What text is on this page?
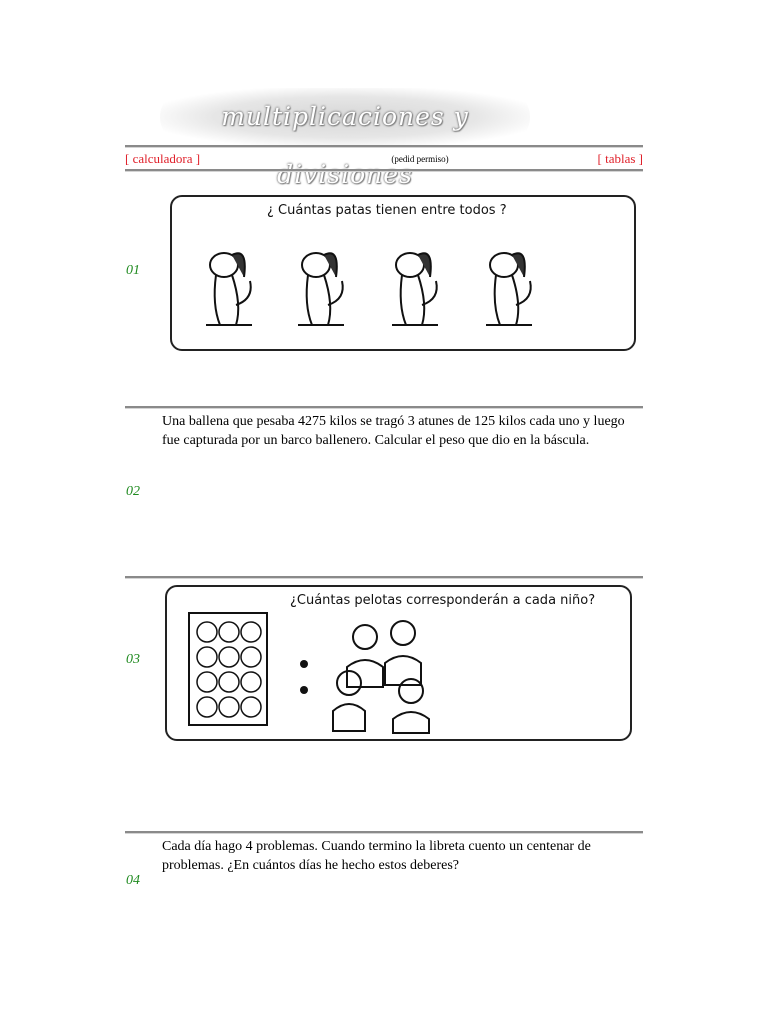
multiplicaciones y divisiones
[ calculadora ]	(pedid permiso)	[ tablas ]
01
¿ Cuántas patas tienen entre todos ?
Una ballena que pesaba 4275 kilos se tragó 3 atunes de 125 kilos cada uno y luego fue capturada por un barco ballenero. Calcular el peso que dio en la báscula.
02
03
¿Cuántas pelotas corresponderán a cada niño?
Cada día hago 4 problemas. Cuando termino la libreta cuento un centenar de problemas. ¿En cuántos días he hecho estos deberes?
04
